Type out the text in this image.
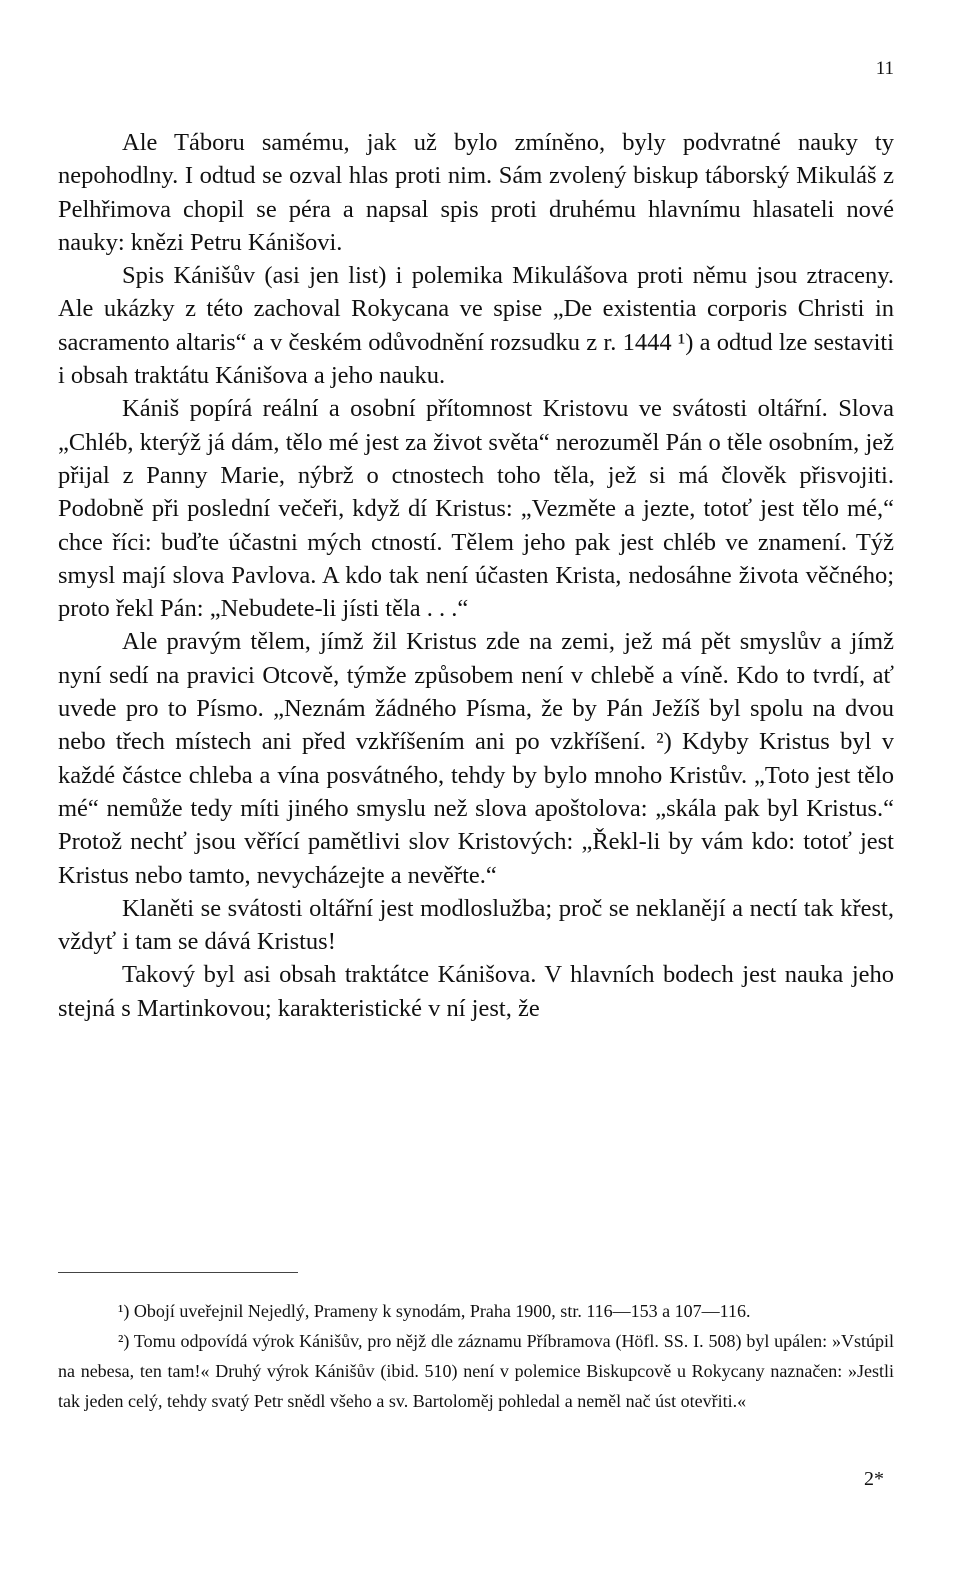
11

Ale Táboru samému, jak už bylo zmíněno, byly podvratné nauky ty nepohodlny. I odtud se ozval hlas proti nim. Sám zvolený biskup táborský Mikuláš z Pelhřimova chopil se péra a napsal spis proti druhému hlavnímu hlasateli nové nauky: knězi Petru Kánišovi.

Spis Kánišův (asi jen list) i polemika Mikulášova proti němu jsou ztraceny. Ale ukázky z této zachoval Rokycana ve spise „De existentia corporis Christi in sacramento altaris“ a v českém odůvodnění rozsudku z r. 1444 ¹) a odtud lze sestaviti i obsah traktátu Kánišova a jeho nauku.

Kániš popírá reální a osobní přítomnost Kristovu ve svátosti oltářní. Slova „Chléb, kterýž já dám, tělo mé jest za život světa“ nerozuměl Pán o těle osobním, jež přijal z Panny Marie, nýbrž o ctnostech toho těla, jež si má člověk přisvojiti. Podobně při poslední večeři, když dí Kristus: „Vezměte a jezte, totoť jest tělo mé,“ chce říci: buďte účastni mých ctností. Tělem jeho pak jest chléb ve znamení. Týž smysl mají slova Pavlova. A kdo tak není účasten Krista, nedosáhne života věčného; proto řekl Pán: „Nebudete-li jísti těla . . .“

Ale pravým tělem, jímž žil Kristus zde na zemi, jež má pět smyslův a jímž nyní sedí na pravici Otcově, týmže způsobem není v chlebě a víně. Kdo to tvrdí, ať uvede pro to Písmo. „Neznám žádného Písma, že by Pán Ježíš byl spolu na dvou nebo třech místech ani před vzkříšením ani po vzkříšení. ²) Kdyby Kristus byl v každé částce chleba a vína posvátného, tehdy by bylo mnoho Kristův. „Toto jest tělo mé“ nemůže tedy míti jiného smyslu než slova apoštolova: „skála pak byl Kristus.“ Protož nechť jsou věřící pamětlivi slov Kristových: „Řekl-li by vám kdo: totoť jest Kristus nebo tamto, nevycházejte a nevěřte.“

Klaněti se svátosti oltářní jest modloslužba; proč se neklanějí a nectí tak křest, vždyť i tam se dává Kristus!

Takový byl asi obsah traktátce Kánišova. V hlavních bodech jest nauka jeho stejná s Martinkovou; karakteristické v ní jest, že

¹) Obojí uveřejnil Nejedlý, Prameny k synodám, Praha 1900, str. 116—153 a 107—116.

²) Tomu odpovídá výrok Kánišův, pro nějž dle záznamu Příbramova (Höfl. SS. I. 508) byl upálen: »Vstúpil na nebesa, ten tam!« Druhý výrok Kánišův (ibid. 510) není v polemice Biskupcově u Rokycany naznačen: »Jestli tak jeden celý, tehdy svatý Petr snědl všeho a sv. Bartoloměj pohledal a neměl nač úst otevřiti.«

2*
